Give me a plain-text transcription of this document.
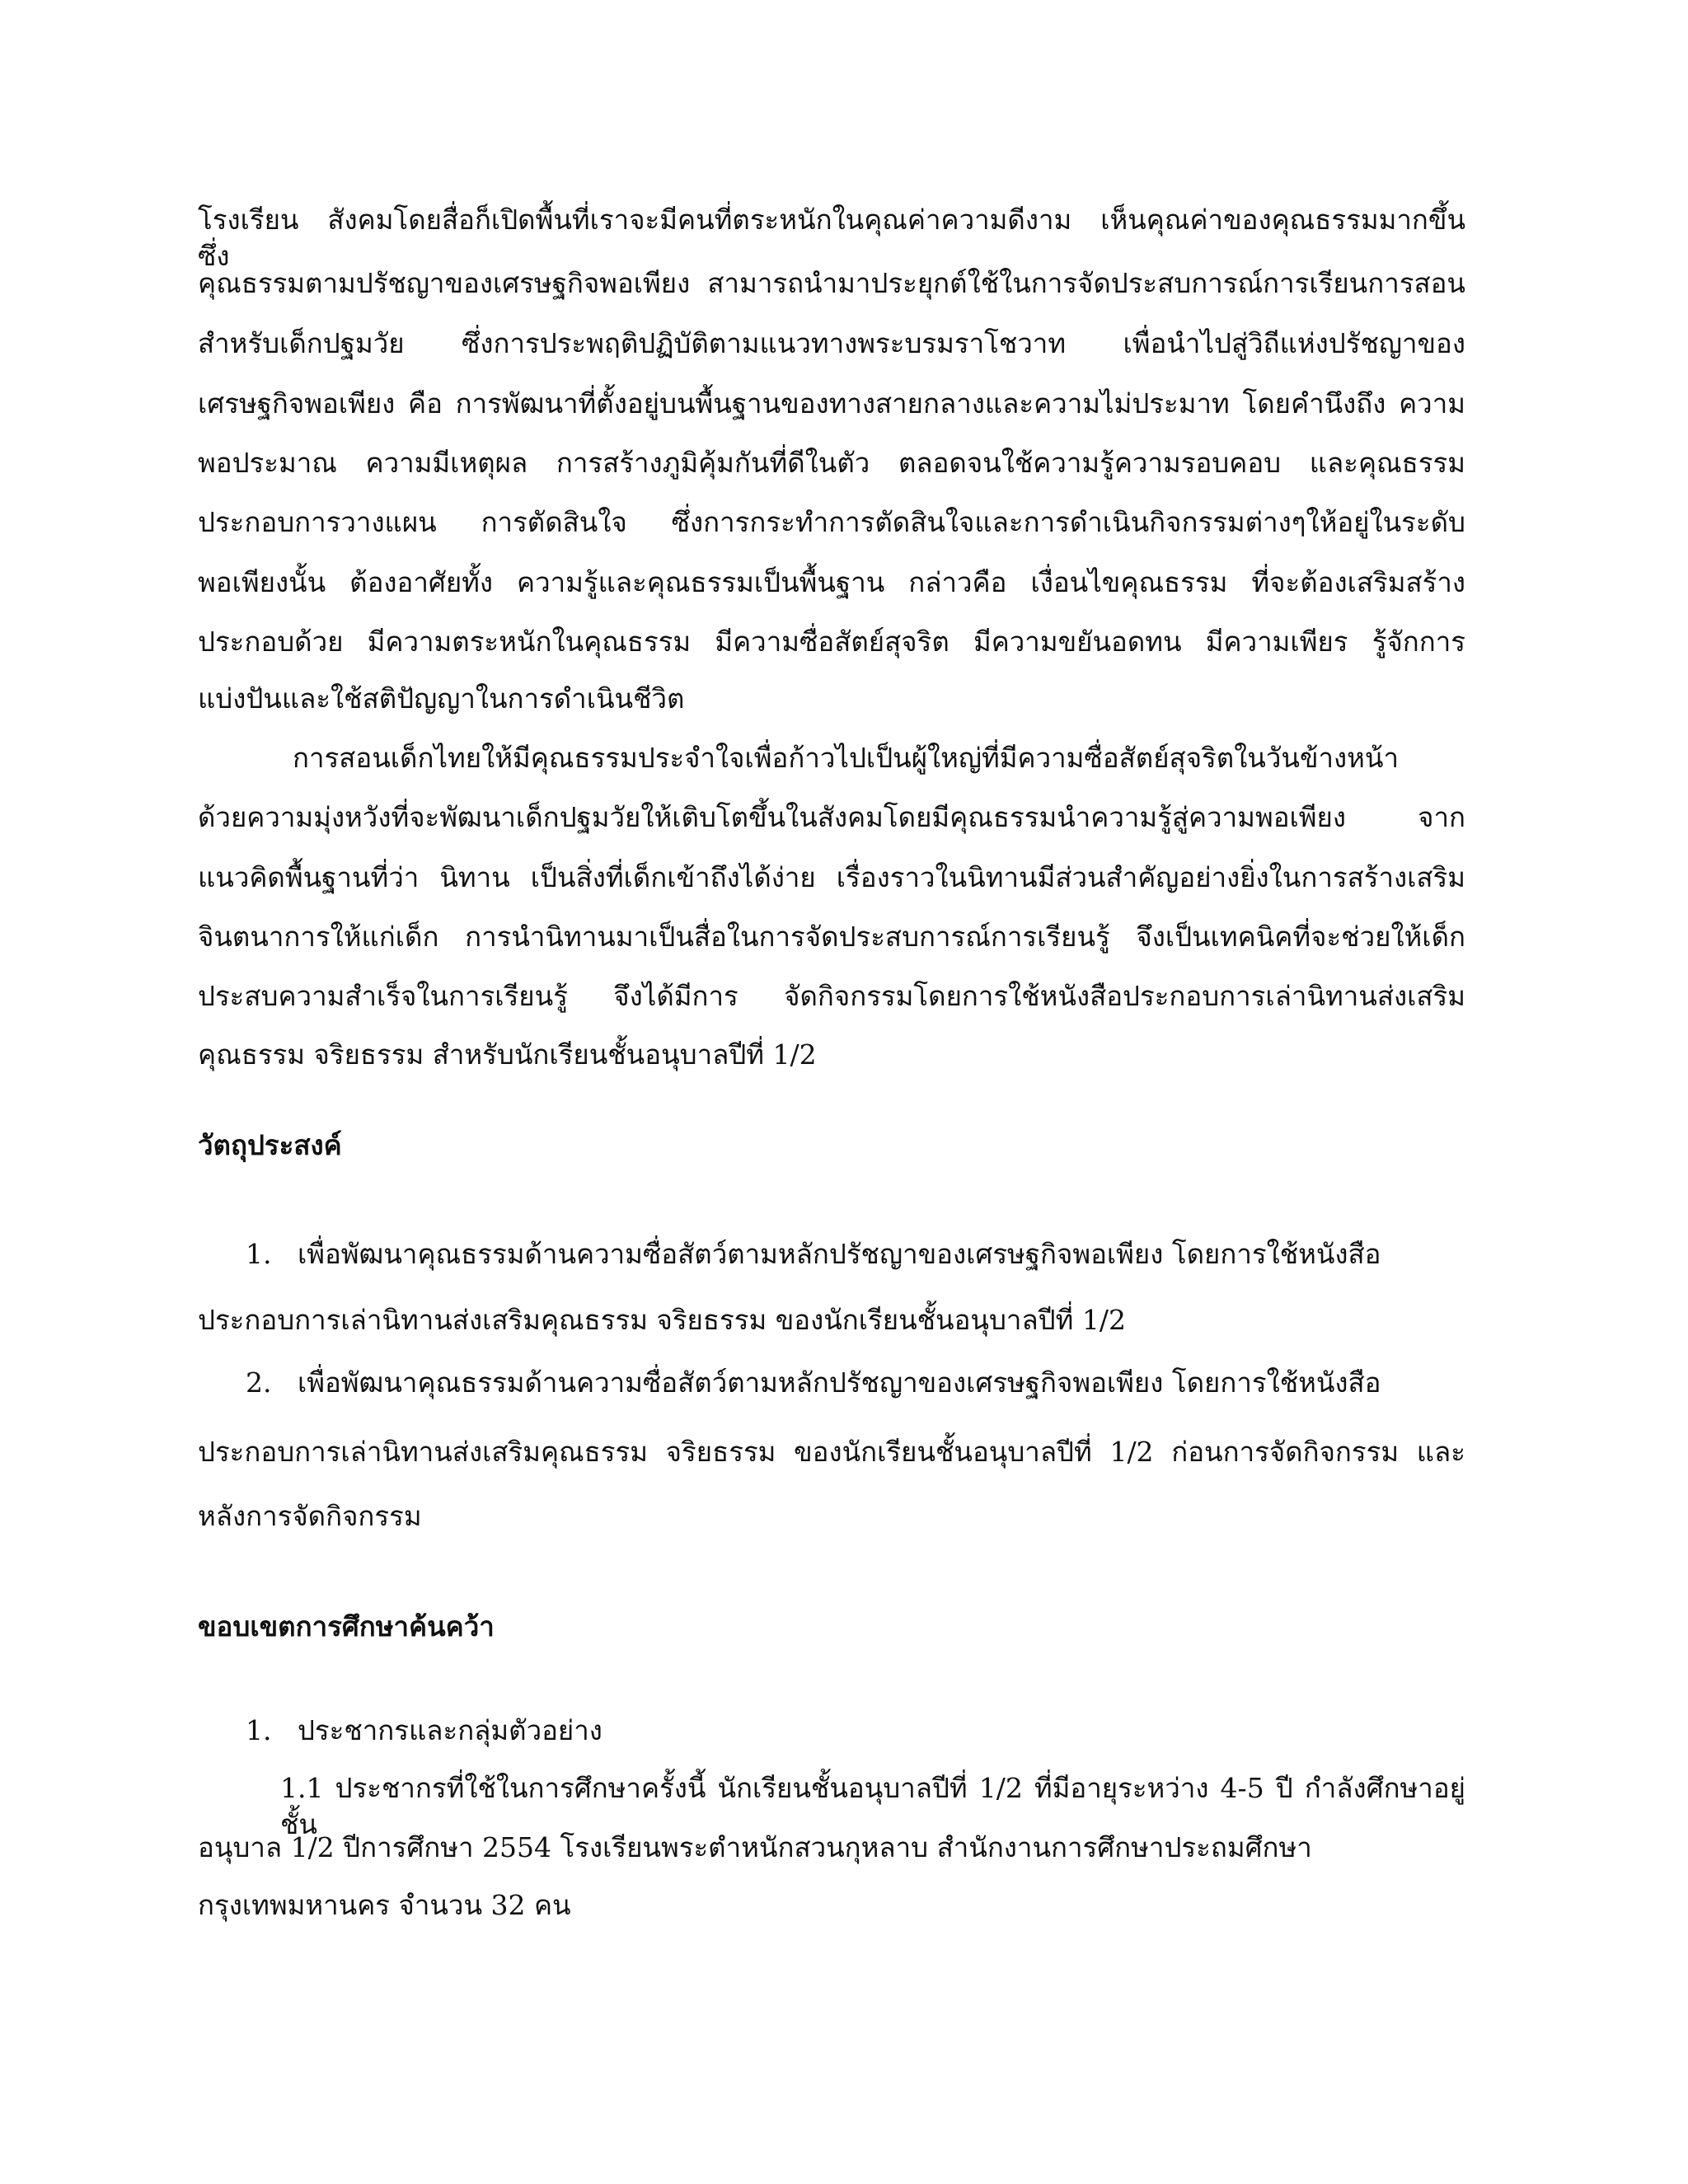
โรงเรียน สังคมโดยสื่อก็เปิดพื้นที่เราจะมีคนที่ตระหนักในคุณค่าความดีงาม เห็นคุณค่าของคุณธรรมมากขึ้น ซึ่ง
คุณธรรมตามปรัชญาของเศรษฐกิจพอเพียง สามารถนำมาประยุกต์ใช้ในการจัดประสบการณ์การเรียนการสอน
สำหรับเด็กปฐมวัย ซึ่งการประพฤติปฏิบัติตามแนวทางพระบรมราโชวาท เพื่อนำไปสู่วิถีแห่งปรัชญาของ
เศรษฐกิจพอเพียง คือ การพัฒนาที่ตั้งอยู่บนพื้นฐานของทางสายกลางและความไม่ประมาท โดยคำนึงถึง ความ
พอประมาณ ความมีเหตุผล การสร้างภูมิคุ้มกันที่ดีในตัว ตลอดจนใช้ความรู้ความรอบคอบ และคุณธรรม
ประกอบการวางแผน การตัดสินใจ ซึ่งการกระทำการตัดสินใจและการดำเนินกิจกรรมต่างๆให้อยู่ในระดับ
พอเพียงนั้น ต้องอาศัยทั้ง ความรู้และคุณธรรมเป็นพื้นฐาน กล่าวคือ เงื่อนไขคุณธรรม ที่จะต้องเสริมสร้าง
ประกอบด้วย มีความตระหนักในคุณธรรม มีความซื่อสัตย์สุจริต มีความขยันอดทน มีความเพียร รู้จักการ
แบ่งปันและใช้สติปัญญาในการดำเนินชีวิต
การสอนเด็กไทยให้มีคุณธรรมประจำใจเพื่อก้าวไปเป็นผู้ใหญ่ที่มีความซื่อสัตย์สุจริตในวันข้างหน้า
ด้วยความมุ่งหวังที่จะพัฒนาเด็กปฐมวัยให้เติบโตขึ้นในสังคมโดยมีคุณธรรมนำความรู้สู่ความพอเพียง จาก
แนวคิดพื้นฐานที่ว่า นิทาน เป็นสิ่งที่เด็กเข้าถึงได้ง่าย เรื่องราวในนิทานมีส่วนสำคัญอย่างยิ่งในการสร้างเสริม
จินตนาการให้แก่เด็ก การนำนิทานมาเป็นสื่อในการจัดประสบการณ์การเรียนรู้ จึงเป็นเทคนิคที่จะช่วยให้เด็ก
ประสบความสำเร็จในการเรียนรู้ จึงได้มีการ จัดกิจกรรมโดยการใช้หนังสือประกอบการเล่านิทานส่งเสริม
คุณธรรม จริยธรรม สำหรับนักเรียนชั้นอนุบาลปีที่ 1/2
วัตถุประสงค์
1.   เพื่อพัฒนาคุณธรรมด้านความซื่อสัตว์ตามหลักปรัชญาของเศรษฐกิจพอเพียง โดยการใช้หนังสือ
ประกอบการเล่านิทานส่งเสริมคุณธรรม จริยธรรม ของนักเรียนชั้นอนุบาลปีที่ 1/2
2.   เพื่อพัฒนาคุณธรรมด้านความซื่อสัตว์ตามหลักปรัชญาของเศรษฐกิจพอเพียง โดยการใช้หนังสือ
ประกอบการเล่านิทานส่งเสริมคุณธรรม จริยธรรม ของนักเรียนชั้นอนุบาลปีที่ 1/2 ก่อนการจัดกิจกรรม และ
หลังการจัดกิจกรรม
ขอบเขตการศึกษาค้นคว้า
1.   ประชากรและกลุ่มตัวอย่าง
1.1 ประชากรที่ใช้ในการศึกษาครั้งนี้ นักเรียนชั้นอนุบาลปีที่ 1/2 ที่มีอายุระหว่าง 4-5 ปี กำลังศึกษาอยู่ชั้น
อนุบาล 1/2 ปีการศึกษา 2554 โรงเรียนพระตำหนักสวนกุหลาบ สำนักงานการศึกษาประถมศึกษา
กรุงเทพมหานคร จำนวน 32 คน
